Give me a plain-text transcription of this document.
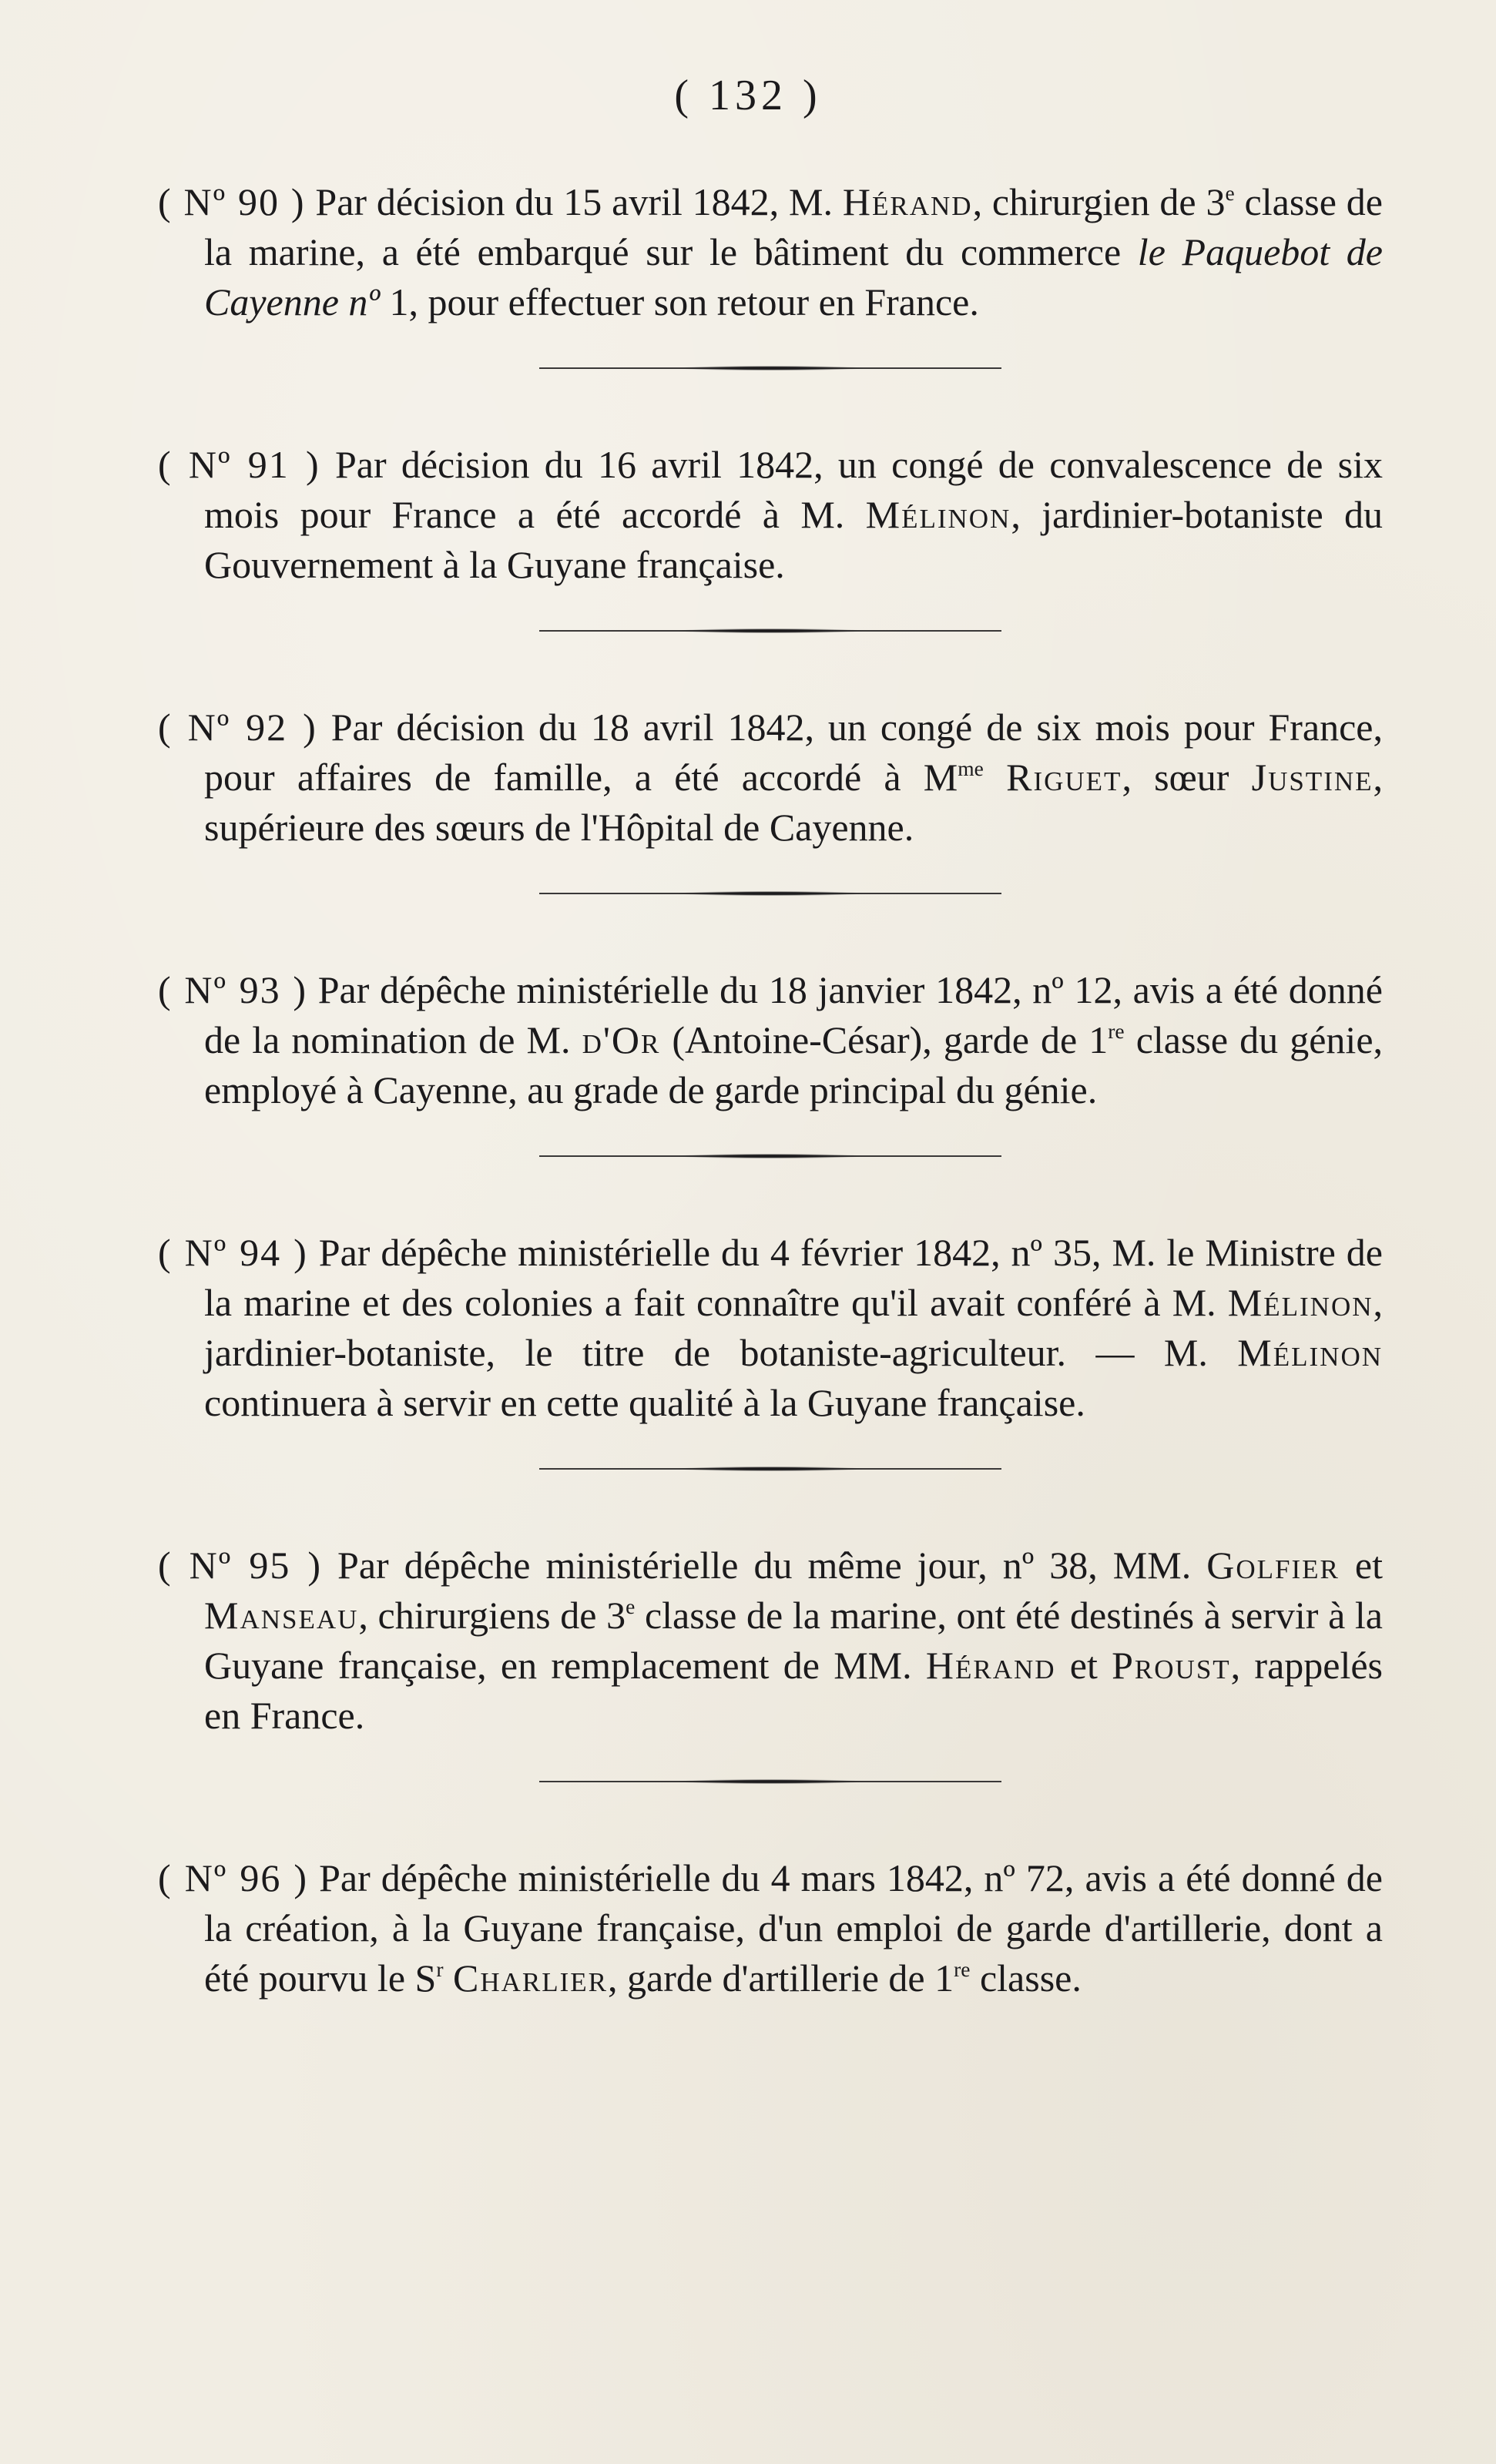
( 132 )

( Nº 90 ) Par décision du 15 avril 1842, M. Hérand, chirurgien de 3e classe de la marine, a été embarqué sur le bâtiment du commerce le Paquebot de Cayenne nº 1, pour effectuer son retour en France.

( Nº 91 ) Par décision du 16 avril 1842, un congé de convalescence de six mois pour France a été accordé à M. Mélinon, jardinier-botaniste du Gouvernement à la Guyane française.

( Nº 92 ) Par décision du 18 avril 1842, un congé de six mois pour France, pour affaires de famille, a été accordé à $M^{me}$ Riguet, sœur Justine, supérieure des sœurs de l'Hôpital de Cayenne.

( Nº 93 ) Par dépêche ministérielle du 18 janvier 1842, nº 12, avis a été donné de la nomination de M. d'Or (Antoine-César), garde de 1re classe du génie, employé à Cayenne, au grade de garde principal du génie.

( Nº 94 ) Par dépêche ministérielle du 4 février 1842, nº 35, M. le Ministre de la marine et des colonies a fait connaître qu'il avait conféré à M. Mélinon, jardinier-botaniste, le titre de botaniste-agriculteur. — M. Mélinon continuera à servir en cette qualité à la Guyane française.

( Nº 95 ) Par dépêche ministérielle du même jour, nº 38, MM. Golfier et Manseau, chirurgiens de 3e classe de la marine, ont été destinés à servir à la Guyane française, en remplacement de MM. Hérand et Proust, rappelés en France.

( Nº 96 ) Par dépêche ministérielle du 4 mars 1842, nº 72, avis a été donné de la création, à la Guyane française, d'un emploi de garde d'artillerie, dont a été pourvu le $S^r$ Charlier, garde d'artillerie de 1re classe.
